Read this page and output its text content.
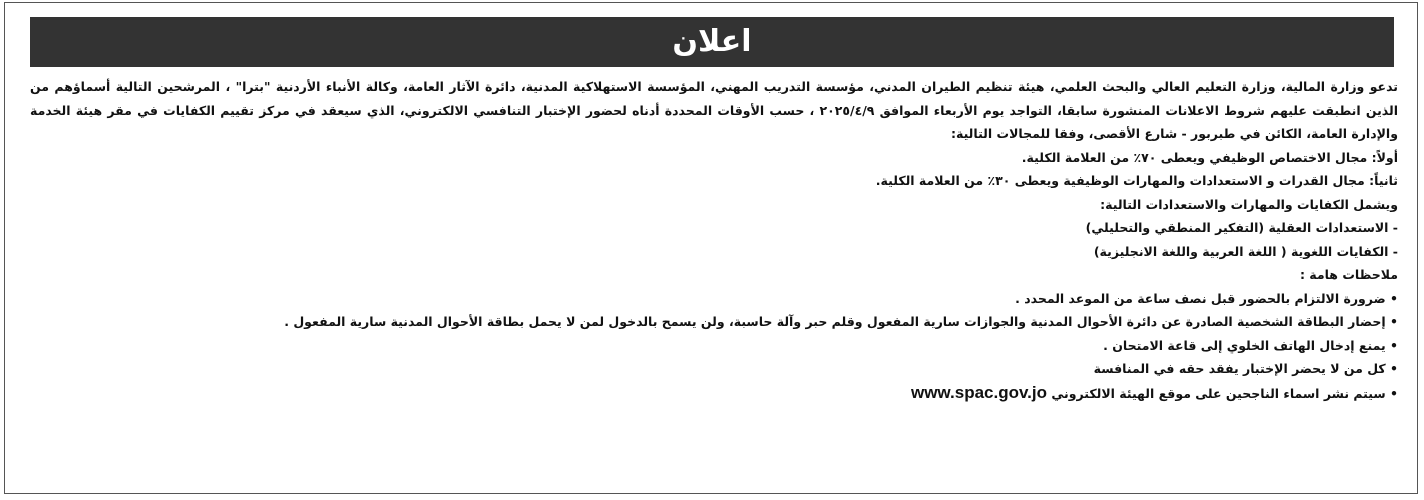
اعلان
تدعو وزارة المالية، وزارة التعليم العالي والبحث العلمي، هيئة تنظيم الطيران المدني، مؤسسة التدريب المهني، المؤسسة الاستهلاكية المدنية، دائرة الآثار العامة، وكالة الأنباء الأردنية "بترا" ، المرشحين التالية أسماؤهم من الذين انطبقت عليهم شروط الاعلانات المنشورة سابقا، التواجد يوم الأربعاء الموافق ٢٠٢٥/٤/٩ ، حسب الأوقات المحددة أدناه لحضور الإختبار التنافسي الالكتروني، الذي سيعقد في مركز تقييم الكفايات في مقر هيئة الخدمة والإدارة العامة، الكائن في طبربور - شارع الأقصى، وفقا للمجالات التالية:
أولاً: مجال الاختصاص الوظيفي ويعطى ٧٠٪ من العلامة الكلية.
ثانياً: مجال القدرات و الاستعدادات والمهارات الوظيفية ويعطى ٣٠٪ من العلامة الكلية.
ويشمل الكفايات والمهارات والاستعدادات التالية:
- الاستعدادات العقلية (التفكير المنطقي والتحليلي)
- الكفايات اللغوية ( اللغة العربية واللغة الانجليزية)
ملاحظات هامة :
• ضرورة الالتزام بالحضور قبل نصف ساعة من الموعد المحدد .
• إحضار البطاقة الشخصية الصادرة عن دائرة الأحوال المدنية والجوازات سارية المفعول وقلم حبر وآلة حاسبة، ولن يسمح بالدخول لمن لا يحمل بطاقة الأحوال المدنية سارية المفعول .
• يمنع إدخال الهاتف الخلوي إلى قاعة الامتحان .
• كل من لا يحضر الإختبار يفقد حقه في المنافسة
• سيتم نشر اسماء الناجحين على موقع الهيئة الالكتروني www.spac.gov.jo
